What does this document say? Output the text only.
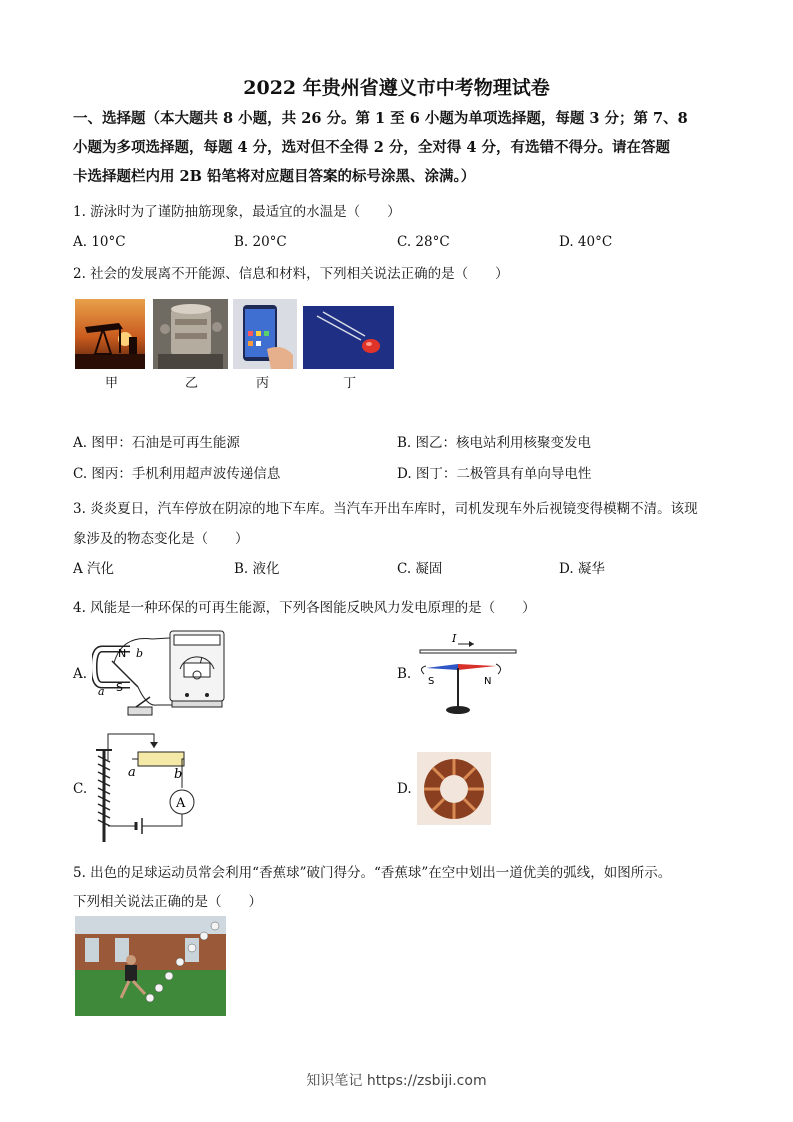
2022 年贵州省遵义市中考物理试卷
一、选择题（本大题共 8 小题，共 26 分。第 1 至 6 小题为单项选择题，每题 3 分；第 7、8
小题为多项选择题，每题 4 分，选对但不全得 2 分，全对得 4 分，有选错不得分。请在答题
卡选择题栏内用 2B 铅笔将对应题目答案的标号涂黑、涂满。）
1. 游泳时为了谨防抽筋现象，最适宜的水温是（　　）
A. 10°C	B. 20°C	C. 28°C	D. 40°C
2. 社会的发展离不开能源、信息和材料，下列相关说法正确的是（　　）
甲	乙	丙	丁
A. 图甲：石油是可再生能源	B. 图乙：核电站利用核聚变发电
C. 图丙：手机利用超声波传递信息	D. 图丁：二极管具有单向导电性
3. 炎炎夏日，汽车停放在阴凉的地下车库。当汽车开出车库时，司机发现车外后视镜变得模糊不清。该现
象涉及的物态变化是（　　）
A 汽化	B. 液化	C. 凝固	D. 凝华
4. 风能是一种环保的可再生能源，下列各图能反映风力发电原理的是（　　）
A.
N
S
a
b
B.
I
S	N
C.
A
a	b
D.
5. 出色的足球运动员常会利用“香蕉球”破门得分。“香蕉球”在空中划出一道优美的弧线，如图所示。
下列相关说法正确的是（　　）
知识笔记 https://zsbiji.com
